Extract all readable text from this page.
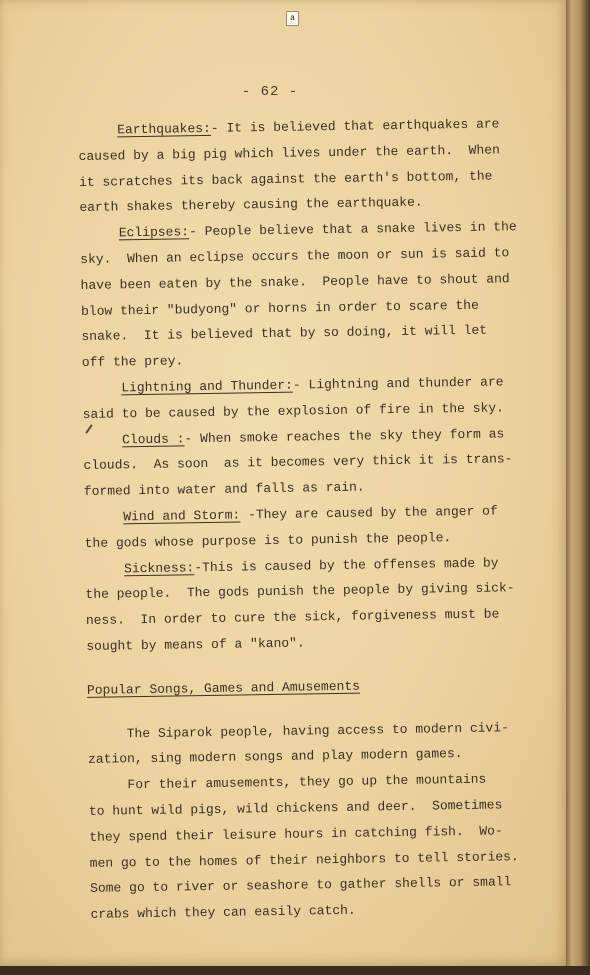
a
- 62 -
Earthquakes:- It is believed that earthquakes are
caused by a big pig which lives under the earth.  When
it scratches its back against the earth's bottom, the
earth shakes thereby causing the earthquake.
Eclipses:- People believe that a snake lives in the
sky.  When an eclipse occurs the moon or sun is said to
have been eaten by the snake.  People have to shout and
blow their "budyong" or horns in order to scare the
snake.  It is believed that by so doing, it will let
off the prey.
Lightning and Thunder:- Lightning and thunder are
said to be caused by the explosion of fire in the sky.
Clouds :- When smoke reaches the sky they form as
clouds.  As soon  as it becomes very thick it is trans-
formed into water and falls as rain.
Wind and Storm: -They are caused by the anger of
the gods whose purpose is to punish the people.
Sickness:-This is caused by the offenses made by
the people.  The gods punish the people by giving sick-
ness.  In order to cure the sick, forgiveness must be
sought by means of a "kano".
Popular Songs, Games and Amusements
The Siparok people, having access to modern civi-
zation, sing modern songs and play modern games.
For their amusements, they go up the mountains
to hunt wild pigs, wild chickens and deer.  Sometimes
they spend their leisure hours in catching fish.  Wo-
men go to the homes of their neighbors to tell stories.
Some go to river or seashore to gather shells or small
crabs which they can easily catch.
